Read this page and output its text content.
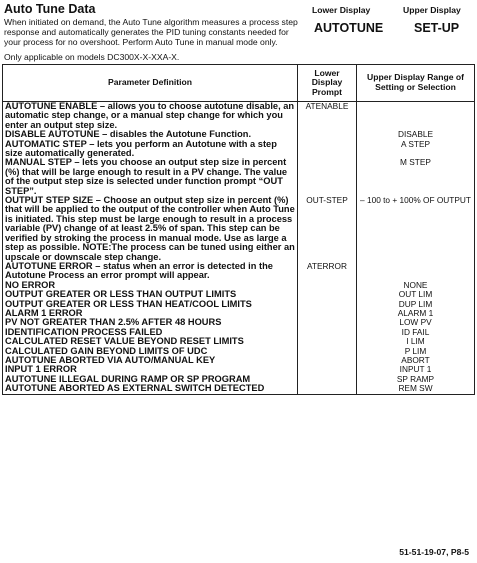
Auto Tune Data
When initiated on demand, the Auto Tune algorithm measures a process step response and automatically generates the PID tuning constants needed for your process for no overshoot. Perform Auto Tune in manual mode only.
Lower Display	Upper Display
AUTOTUNE SET-UP
Only applicable on models DC300X-X-XXA-X.
Parameter Definition	Lower Display Prompt	Upper Display Range of Setting or Selection
AUTOTUNE ENABLE – allows you to choose autotune disable, an automatic step change, or a manual step change for which you enter an output step size.	ATENABLE	
DISABLE AUTOTUNE – disables the Autotune Function.		DISABLE
AUTOMATIC STEP – lets you perform an Autotune with a step size automatically generated.		A STEP
MANUAL STEP – lets you choose an output step size in percent (%) that will be large enough to result in a PV change. The value of the output step size is selected under function prompt “OUT STEP”.		M STEP
OUTPUT STEP SIZE – Choose an output step size in percent (%) that will be applied to the output of the controller when Auto Tune is initiated. This step must be large enough to result in a process variable (PV) change of at least 2.5% of span. This step can be verified by stroking the process in manual mode. Use as large a step as possible. NOTE:The process can be tuned using either an upscale or downscale step change.	OUT-STEP	– 100 to + 100% OF OUTPUT
AUTOTUNE ERROR – status when an error is detected in the Autotune Process an error prompt will appear.	ATERROR	
NO ERROR		NONE
OUTPUT GREATER OR LESS THAN OUTPUT LIMITS		OUT LIM
OUTPUT GREATER OR LESS THAN HEAT/COOL LIMITS		DUP LIM
ALARM 1 ERROR		ALARM 1
PV NOT GREATER THAN 2.5% AFTER 48 HOURS		LOW PV
IDENTIFICATION PROCESS FAILED		ID FAIL
CALCULATED RESET VALUE BEYOND RESET LIMITS		I LIM
CALCULATED GAIN BEYOND LIMITS OF UDC		P LIM
AUTOTUNE ABORTED VIA AUTO/MANUAL KEY		ABORT
INPUT 1 ERROR		INPUT 1
AUTOTUNE ILLEGAL DURING RAMP OR SP PROGRAM		SP RAMP
AUTOTUNE ABORTED AS EXTERNAL SWITCH DETECTED		REM SW
51-51-19-07, P8-5
